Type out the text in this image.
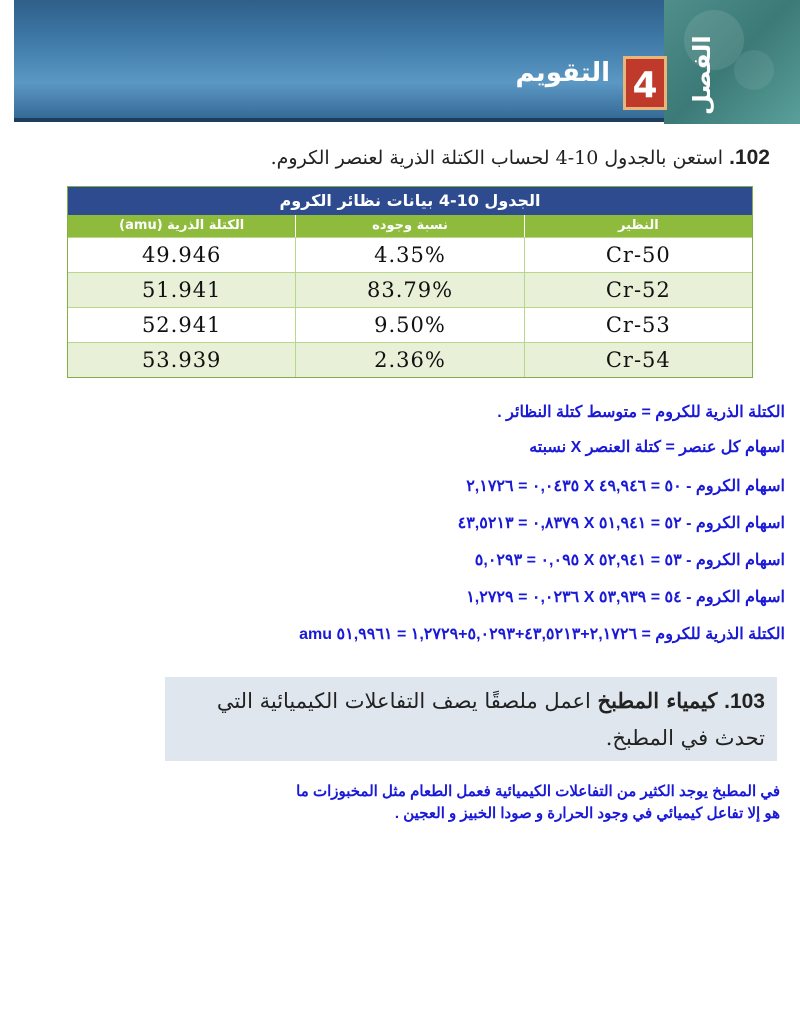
الفصل
4
التقويم
102. استعن بالجدول 10-4 لحساب الكتلة الذرية لعنصر الكروم.
الجدول 10-4 بيانات نظائر الكروم
النظير
نسبة وجوده
الكتلة الذرية (amu)
Cr-50
4.35%
49.946
Cr-52
83.79%
51.941
Cr-53
9.50%
52.941
Cr-54
2.36%
53.939
الكتلة الذرية للكروم = متوسط كتلة النظائر .
اسهام كل عنصر = كتلة العنصر X نسبته
اسهام الكروم - ٥٠ = ٤٩,٩٤٦ X ٠,٠٤٣٥ = ٢,١٧٢٦
اسهام الكروم - ٥٢ = ٥١,٩٤١ X ٠,٨٣٧٩ = ٤٣,٥٢١٣
اسهام الكروم - ٥٣ = ٥٢,٩٤١ X ٠,٠٩٥ = ٥,٠٢٩٣
اسهام الكروم - ٥٤ = ٥٣,٩٣٩ X ٠,٠٢٣٦ = ١,٢٧٢٩
الكتلة الذرية للكروم = ٢,١٧٢٦+٤٣,٥٢١٣+٥,٠٢٩٣+١,٢٧٢٩ = ٥١,٩٩٦١ amu
103. كيمياء المطبخ اعمل ملصقًا يصف التفاعلات الكيميائية التي تحدث في المطبخ.
في المطبخ يوجد الكثير من التفاعلات الكيميائية فعمل الطعام مثل المخبوزات ما
هو إلا تفاعل كيميائي في وجود الحرارة و صودا الخبيز و العجين .
